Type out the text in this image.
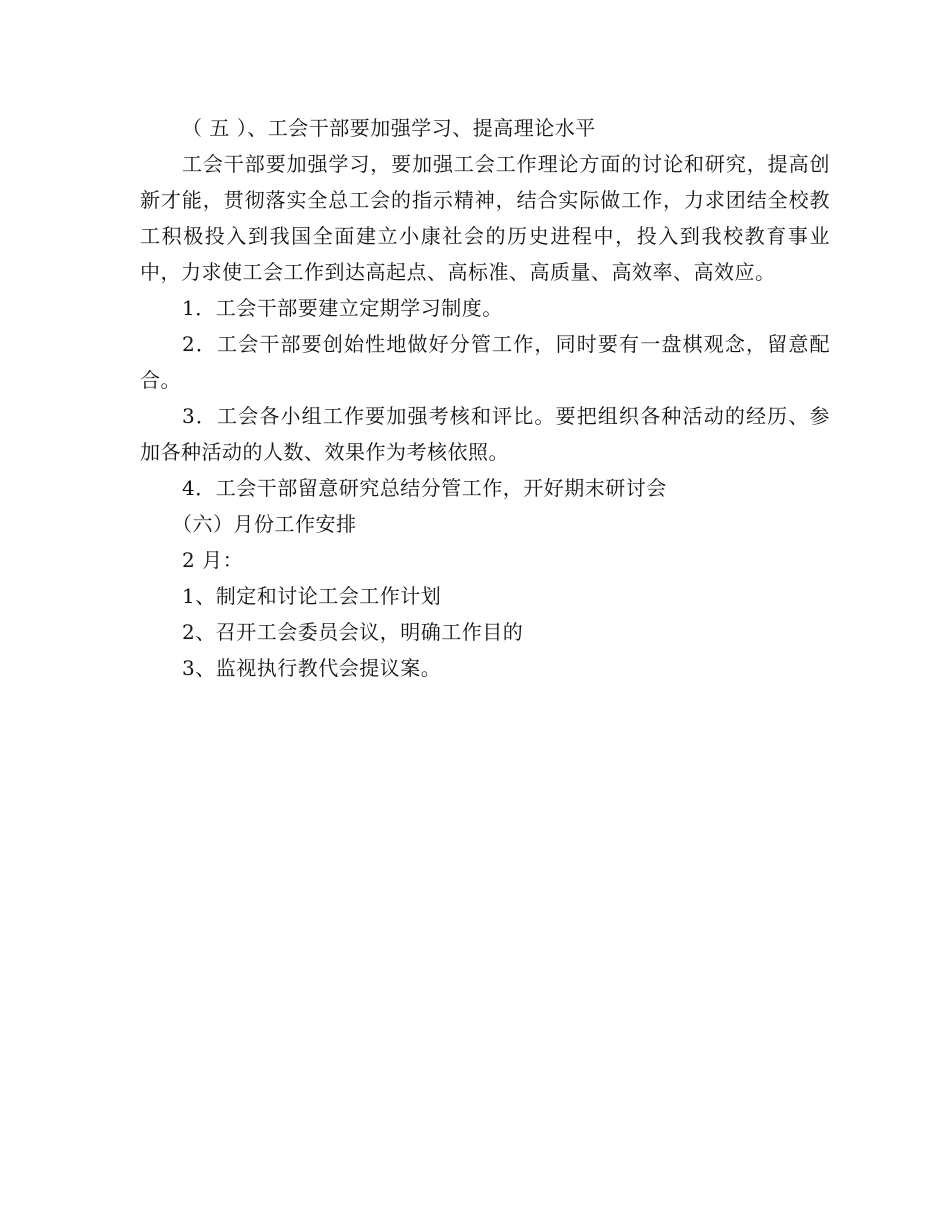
（ 五 ）、工会干部要加强学习、提高理论水平

工会干部要加强学习，要加强工会工作理论方面的讨论和研究，提高创新才能，贯彻落实全总工会的指示精神，结合实际做工作，力求团结全校教工积极投入到我国全面建立小康社会的历史进程中，投入到我校教育事业中，力求使工会工作到达高起点、高标准、高质量、高效率、高效应。

1．工会干部要建立定期学习制度。

2．工会干部要创始性地做好分管工作，同时要有一盘棋观念，留意配合。

3．工会各小组工作要加强考核和评比。要把组织各种活动的经历、参加各种活动的人数、效果作为考核依照。

4．工会干部留意研究总结分管工作，开好期末研讨会

（六）月份工作安排

2 月：

1、制定和讨论工会工作计划

2、召开工会委员会议，明确工作目的

3、监视执行教代会提议案。
